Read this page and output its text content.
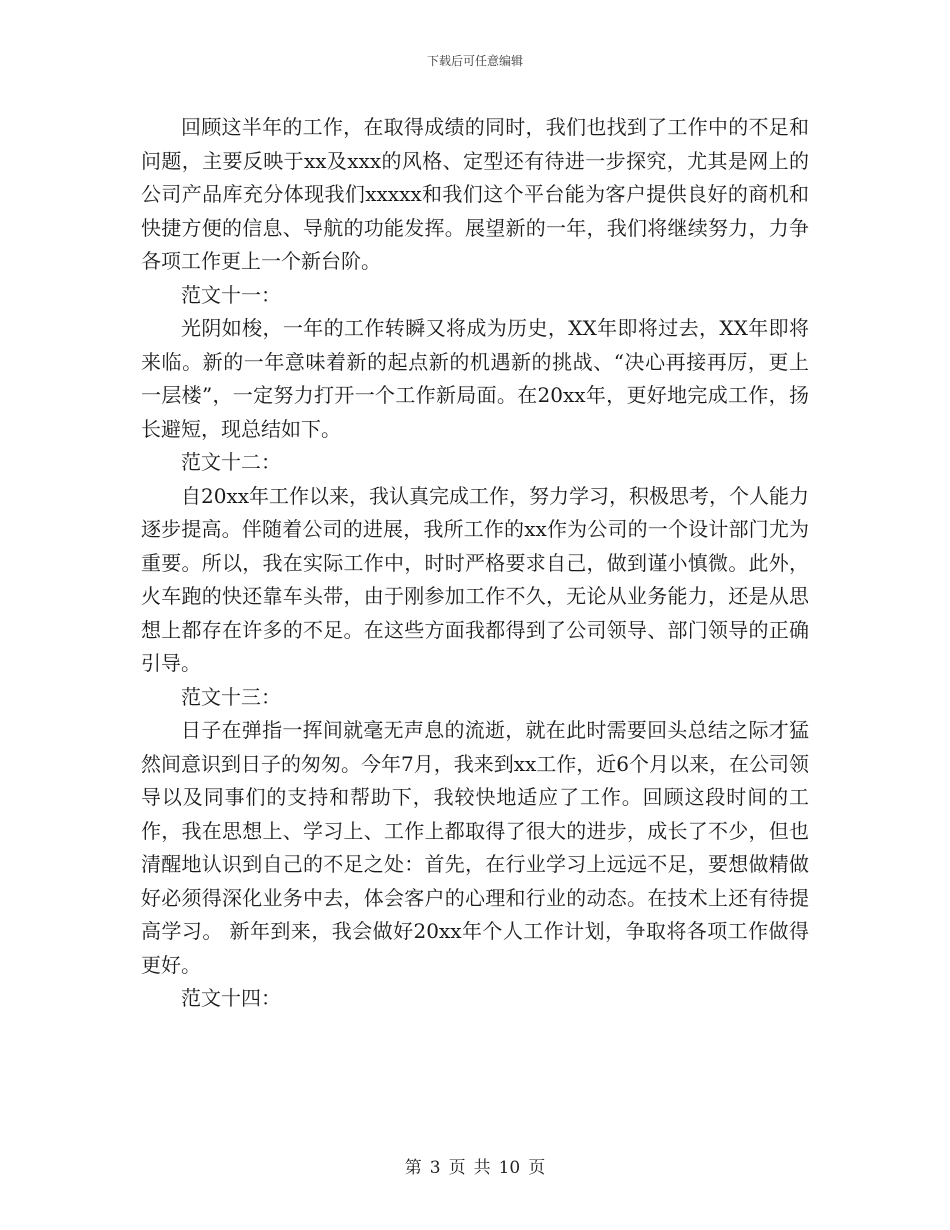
下载后可任意编辑

回顾这半年的工作，在取得成绩的同时，我们也找到了工作中的不足和问题，主要反映于xx及xxx的风格、定型还有待进一步探究，尤其是网上的公司产品库充分体现我们xxxxx和我们这个平台能为客户提供良好的商机和快捷方便的信息、导航的功能发挥。展望新的一年，我们将继续努力，力争各项工作更上一个新台阶。

范文十一：

光阴如梭，一年的工作转瞬又将成为历史，XX年即将过去，XX年即将来临。新的一年意味着新的起点新的机遇新的挑战、“决心再接再厉，更上一层楼”，一定努力打开一个工作新局面。在20xx年，更好地完成工作，扬长避短，现总结如下。

范文十二：

自20xx年工作以来，我认真完成工作，努力学习，积极思考，个人能力逐步提高。伴随着公司的进展，我所工作的xx作为公司的一个设计部门尤为重要。所以，我在实际工作中，时时严格要求自己，做到谨小慎微。此外，火车跑的快还靠车头带，由于刚参加工作不久，无论从业务能力，还是从思想上都存在许多的不足。在这些方面我都得到了公司领导、部门领导的正确引导。

范文十三：

日子在弹指一挥间就毫无声息的流逝，就在此时需要回头总结之际才猛然间意识到日子的匆匆。今年7月，我来到xx工作，近6个月以来，在公司领导以及同事们的支持和帮助下，我较快地适应了工作。回顾这段时间的工作，我在思想上、学习上、工作上都取得了很大的进步，成长了不少，但也清醒地认识到自己的不足之处：首先，在行业学习上远远不足，要想做精做好必须得深化业务中去，体会客户的心理和行业的动态。在技术上还有待提高学习。 新年到来，我会做好20xx年个人工作计划，争取将各项工作做得更好。

范文十四：

第 3 页 共 10 页
